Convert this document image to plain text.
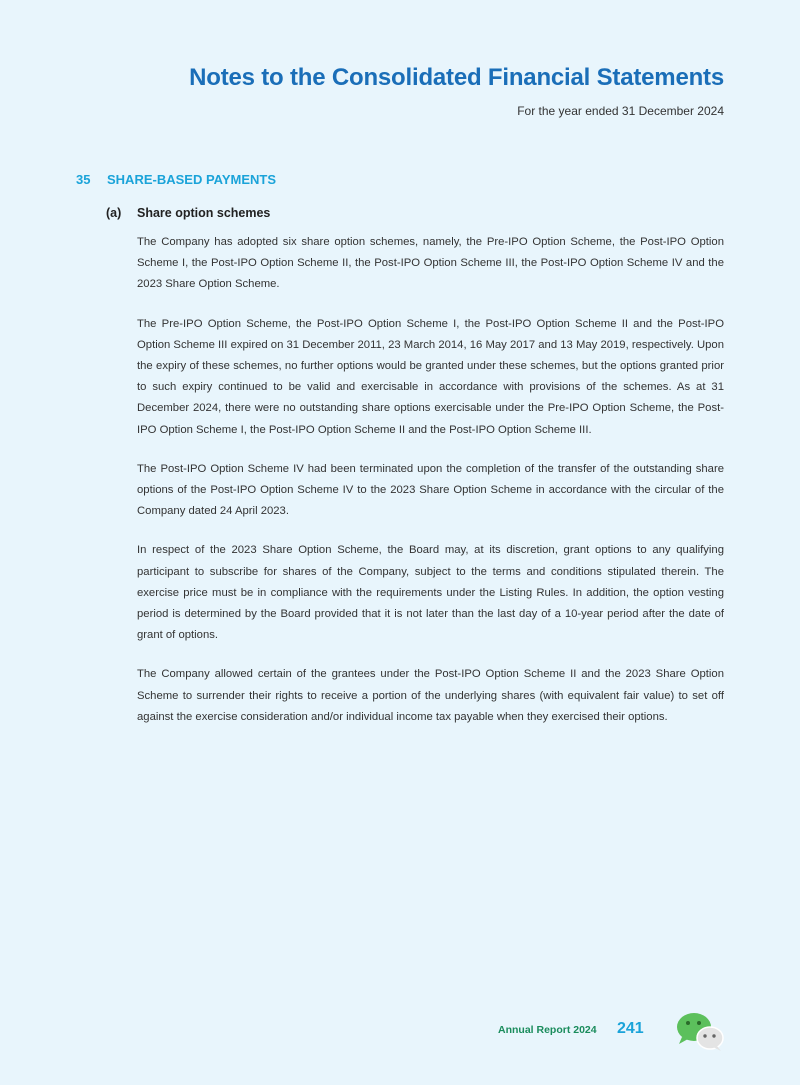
Notes to the Consolidated Financial Statements
For the year ended 31 December 2024
35 SHARE-BASED PAYMENTS
(a) Share option schemes

The Company has adopted six share option schemes, namely, the Pre-IPO Option Scheme, the Post-IPO Option Scheme I, the Post-IPO Option Scheme II, the Post-IPO Option Scheme III, the Post-IPO Option Scheme IV and the 2023 Share Option Scheme.

The Pre-IPO Option Scheme, the Post-IPO Option Scheme I, the Post-IPO Option Scheme II and the Post-IPO Option Scheme III expired on 31 December 2011, 23 March 2014, 16 May 2017 and 13 May 2019, respectively. Upon the expiry of these schemes, no further options would be granted under these schemes, but the options granted prior to such expiry continued to be valid and exercisable in accordance with provisions of the schemes. As at 31 December 2024, there were no outstanding share options exercisable under the Pre-IPO Option Scheme, the Post-IPO Option Scheme I, the Post-IPO Option Scheme II and the Post-IPO Option Scheme III.

The Post-IPO Option Scheme IV had been terminated upon the completion of the transfer of the outstanding share options of the Post-IPO Option Scheme IV to the 2023 Share Option Scheme in accordance with the circular of the Company dated 24 April 2023.

In respect of the 2023 Share Option Scheme, the Board may, at its discretion, grant options to any qualifying participant to subscribe for shares of the Company, subject to the terms and conditions stipulated therein. The exercise price must be in compliance with the requirements under the Listing Rules. In addition, the option vesting period is determined by the Board provided that it is not later than the last day of a 10-year period after the date of grant of options.

The Company allowed certain of the grantees under the Post-IPO Option Scheme II and the 2023 Share Option Scheme to surrender their rights to receive a portion of the underlying shares (with equivalent fair value) to set off against the exercise consideration and/or individual income tax payable when they exercised their options.

Annual Report 2024 241
